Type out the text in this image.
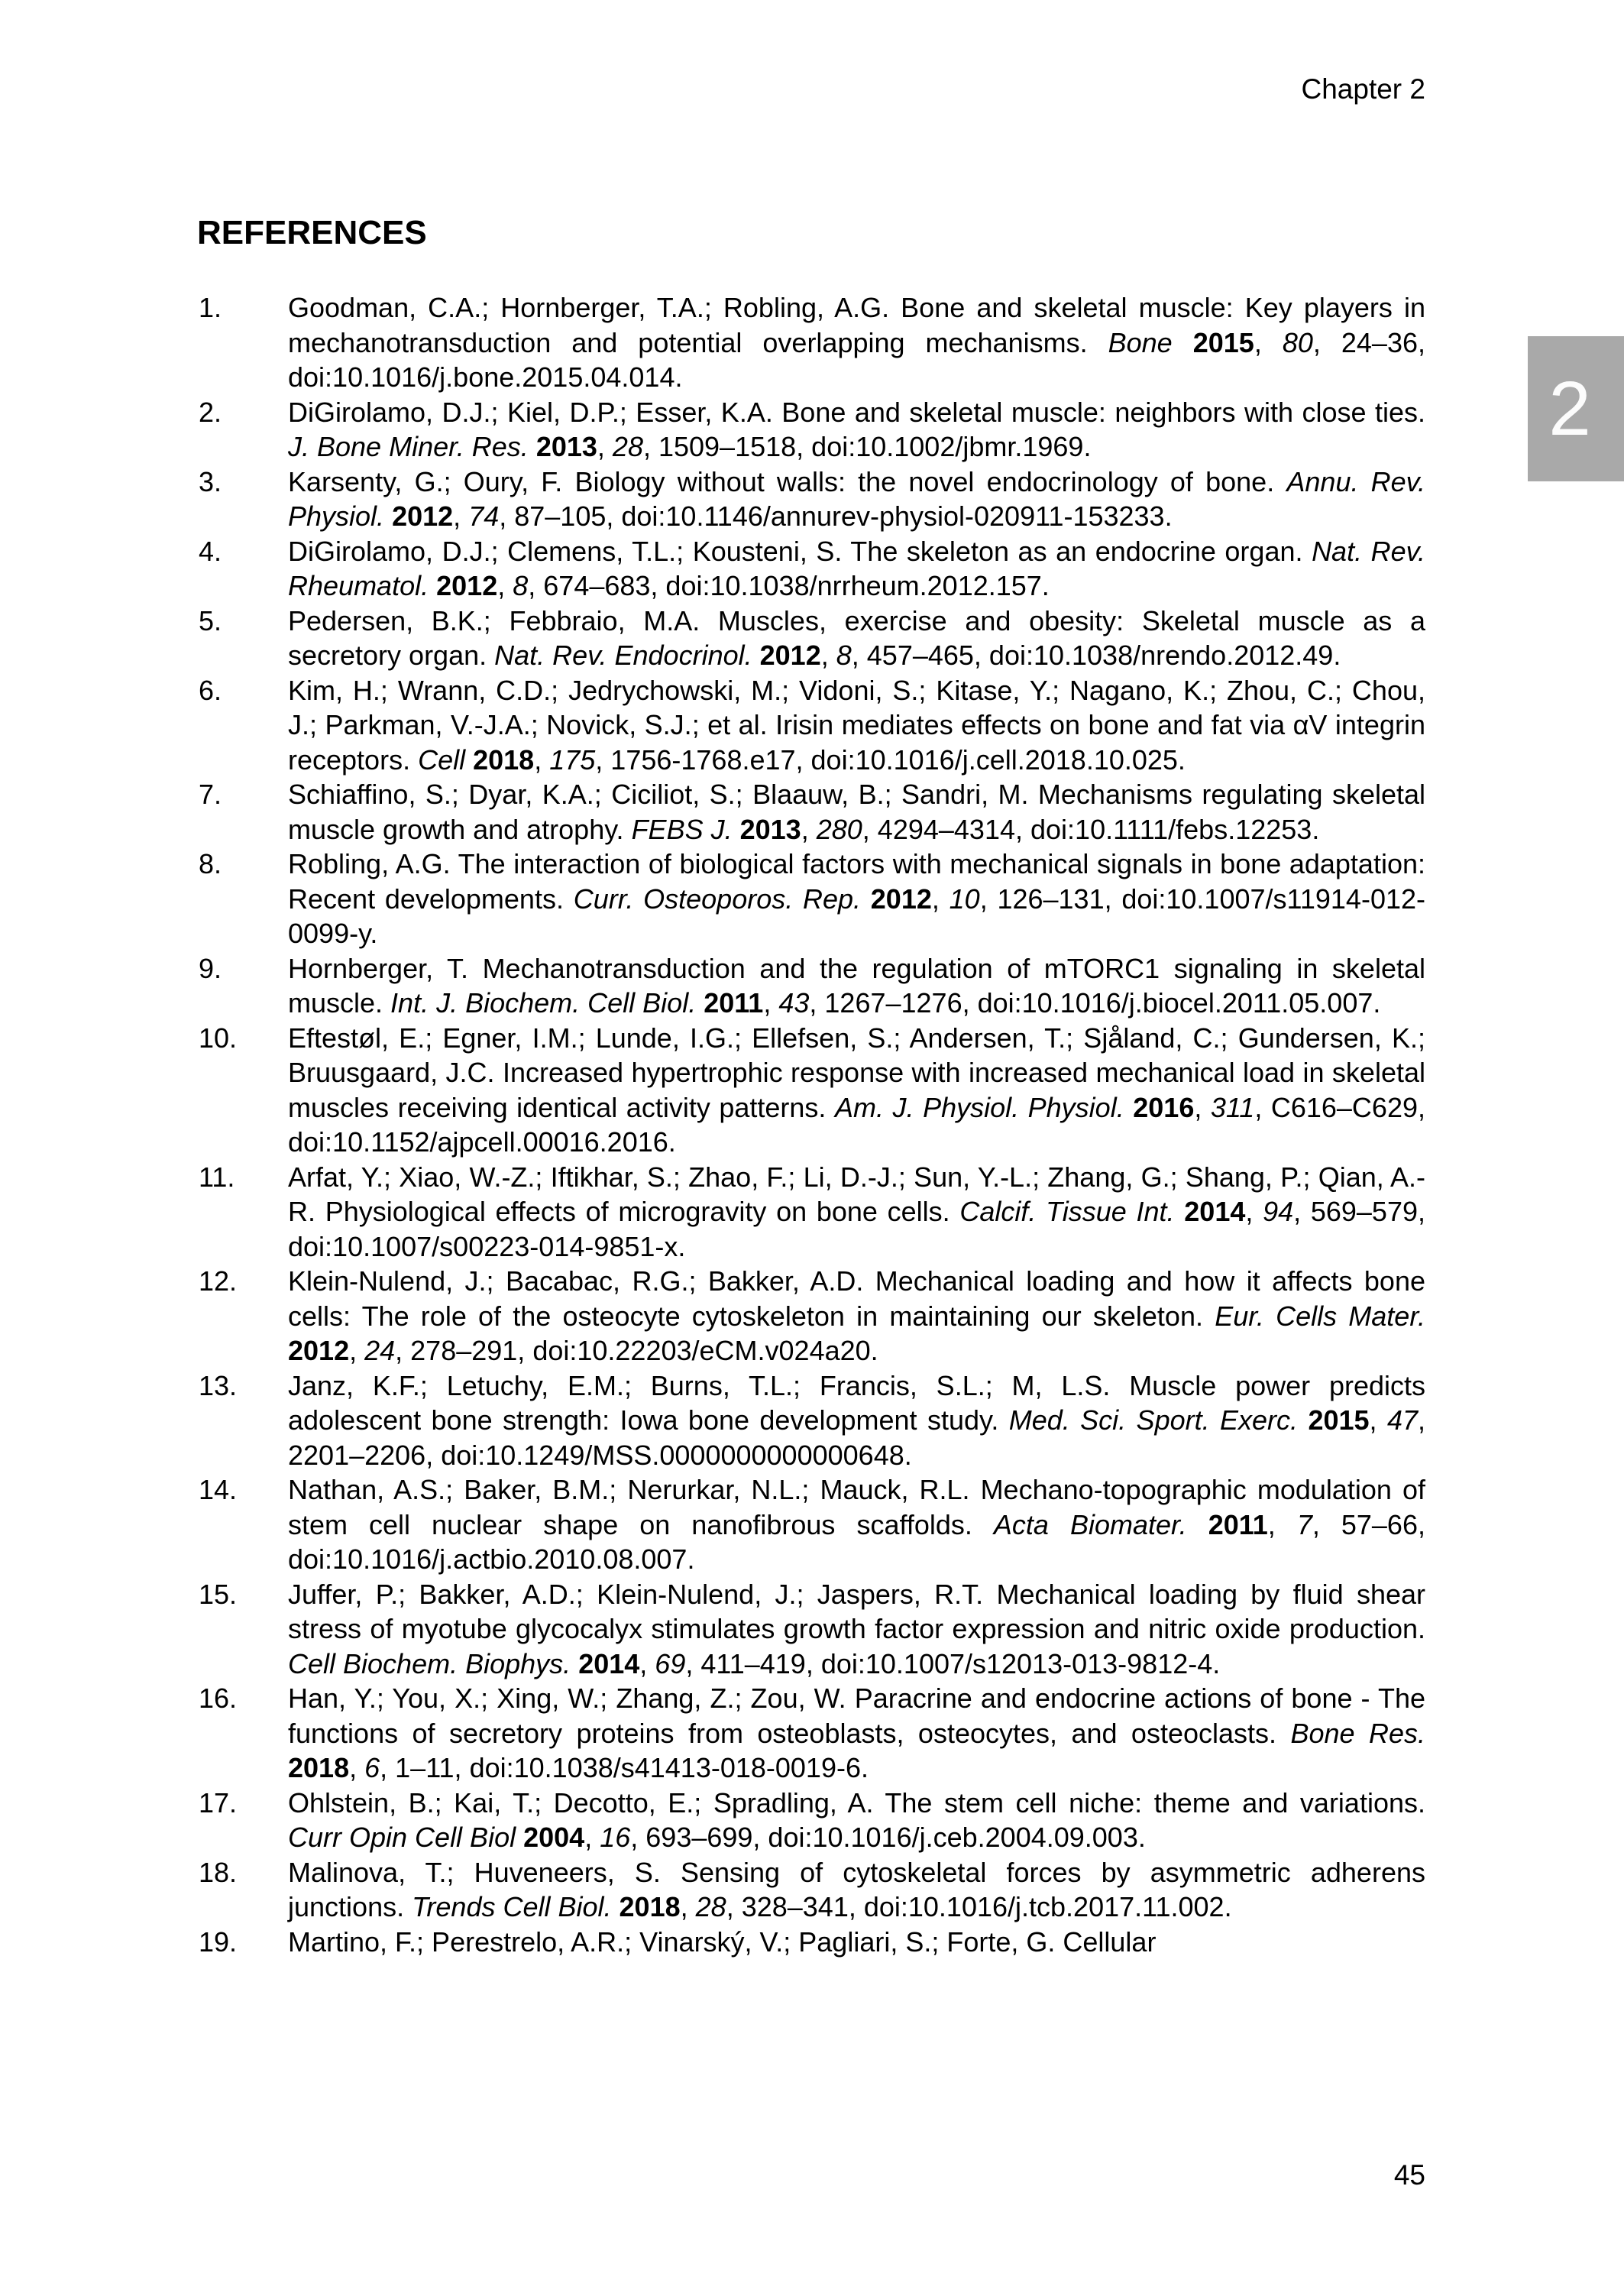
Chapter 2
2
REFERENCES
1.	Goodman, C.A.; Hornberger, T.A.; Robling, A.G. Bone and skeletal muscle: Key players in mechanotransduction and potential overlapping mechanisms. Bone 2015, 80, 24–36, doi:10.1016/j.bone.2015.04.014.
2.	DiGirolamo, D.J.; Kiel, D.P.; Esser, K.A. Bone and skeletal muscle: neighbors with close ties. J. Bone Miner. Res. 2013, 28, 1509–1518, doi:10.1002/jbmr.1969.
3.	Karsenty, G.; Oury, F. Biology without walls: the novel endocrinology of bone. Annu. Rev. Physiol. 2012, 74, 87–105, doi:10.1146/annurev-physiol-020911-153233.
4.	DiGirolamo, D.J.; Clemens, T.L.; Kousteni, S. The skeleton as an endocrine organ. Nat. Rev. Rheumatol. 2012, 8, 674–683, doi:10.1038/nrrheum.2012.157.
5.	Pedersen, B.K.; Febbraio, M.A. Muscles, exercise and obesity: Skeletal muscle as a secretory organ. Nat. Rev. Endocrinol. 2012, 8, 457–465, doi:10.1038/nrendo.2012.49.
6.	Kim, H.; Wrann, C.D.; Jedrychowski, M.; Vidoni, S.; Kitase, Y.; Nagano, K.; Zhou, C.; Chou, J.; Parkman, V.-J.A.; Novick, S.J.; et al. Irisin mediates effects on bone and fat via αV integrin receptors. Cell 2018, 175, 1756-1768.e17, doi:10.1016/j.cell.2018.10.025.
7.	Schiaffino, S.; Dyar, K.A.; Ciciliot, S.; Blaauw, B.; Sandri, M. Mechanisms regulating skeletal muscle growth and atrophy. FEBS J. 2013, 280, 4294–4314, doi:10.1111/febs.12253.
8.	Robling, A.G. The interaction of biological factors with mechanical signals in bone adaptation: Recent developments. Curr. Osteoporos. Rep. 2012, 10, 126–131, doi:10.1007/s11914-012-0099-y.
9.	Hornberger, T. Mechanotransduction and the regulation of mTORC1 signaling in skeletal muscle. Int. J. Biochem. Cell Biol. 2011, 43, 1267–1276, doi:10.1016/j.biocel.2011.05.007.
10.	Eftestøl, E.; Egner, I.M.; Lunde, I.G.; Ellefsen, S.; Andersen, T.; Sjåland, C.; Gundersen, K.; Bruusgaard, J.C. Increased hypertrophic response with increased mechanical load in skeletal muscles receiving identical activity patterns. Am. J. Physiol. Physiol. 2016, 311, C616–C629, doi:10.1152/ajpcell.00016.2016.
11.	Arfat, Y.; Xiao, W.-Z.; Iftikhar, S.; Zhao, F.; Li, D.-J.; Sun, Y.-L.; Zhang, G.; Shang, P.; Qian, A.-R. Physiological effects of microgravity on bone cells. Calcif. Tissue Int. 2014, 94, 569–579, doi:10.1007/s00223-014-9851-x.
12.	Klein-Nulend, J.; Bacabac, R.G.; Bakker, A.D. Mechanical loading and how it affects bone cells: The role of the osteocyte cytoskeleton in maintaining our skeleton. Eur. Cells Mater. 2012, 24, 278–291, doi:10.22203/eCM.v024a20.
13.	Janz, K.F.; Letuchy, E.M.; Burns, T.L.; Francis, S.L.; M, L.S. Muscle power predicts adolescent bone strength: Iowa bone development study. Med. Sci. Sport. Exerc. 2015, 47, 2201–2206, doi:10.1249/MSS.0000000000000648.
14.	Nathan, A.S.; Baker, B.M.; Nerurkar, N.L.; Mauck, R.L. Mechano-topographic modulation of stem cell nuclear shape on nanofibrous scaffolds. Acta Biomater. 2011, 7, 57–66, doi:10.1016/j.actbio.2010.08.007.
15.	Juffer, P.; Bakker, A.D.; Klein-Nulend, J.; Jaspers, R.T. Mechanical loading by fluid shear stress of myotube glycocalyx stimulates growth factor expression and nitric oxide production. Cell Biochem. Biophys. 2014, 69, 411–419, doi:10.1007/s12013-013-9812-4.
16.	Han, Y.; You, X.; Xing, W.; Zhang, Z.; Zou, W. Paracrine and endocrine actions of bone - The functions of secretory proteins from osteoblasts, osteocytes, and osteoclasts. Bone Res. 2018, 6, 1–11, doi:10.1038/s41413-018-0019-6.
17.	Ohlstein, B.; Kai, T.; Decotto, E.; Spradling, A. The stem cell niche: theme and variations. Curr Opin Cell Biol 2004, 16, 693–699, doi:10.1016/j.ceb.2004.09.003.
18.	Malinova, T.; Huveneers, S. Sensing of cytoskeletal forces by asymmetric adherens junctions. Trends Cell Biol. 2018, 28, 328–341, doi:10.1016/j.tcb.2017.11.002.
19.	Martino, F.; Perestrelo, A.R.; Vinarský, V.; Pagliari, S.; Forte, G. Cellular
45
